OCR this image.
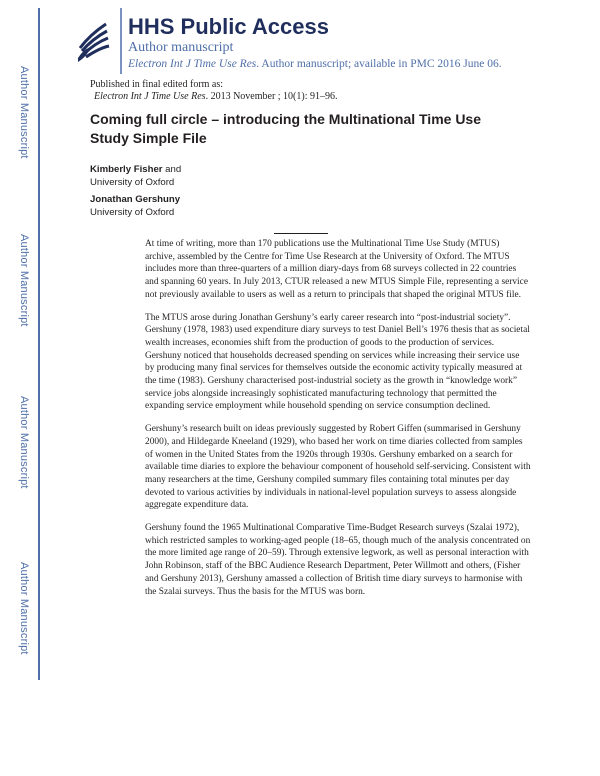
Author Manuscript
Author Manuscript
Author Manuscript
Author Manuscript
HHS Public Access
Author manuscript
Electron Int J Time Use Res. Author manuscript; available in PMC 2016 June 06.
Published in final edited form as:
Electron Int J Time Use Res. 2013 November ; 10(1): 91–96.
Coming full circle – introducing the Multinational Time Use Study Simple File
Kimberly Fisher and
University of Oxford
Jonathan Gershuny
University of Oxford

At time of writing, more than 170 publications use the Multinational Time Use Study (MTUS) archive, assembled by the Centre for Time Use Research at the University of Oxford. The MTUS includes more than three-quarters of a million diary-days from 68 surveys collected in 22 countries and spanning 60 years. In July 2013, CTUR released a new MTUS Simple File, representing a service not previously available to users as well as a return to principals that shaped the original MTUS file.

The MTUS arose during Jonathan Gershuny’s early career research into “post-industrial society”. Gershuny (1978, 1983) used expenditure diary surveys to test Daniel Bell’s 1976 thesis that as societal wealth increases, economies shift from the production of goods to the production of services. Gershuny noticed that households decreased spending on services while increasing their service use by producing many final services for themselves outside the economic activity typically measured at the time (1983). Gershuny characterised post-industrial society as the growth in “knowledge work” service jobs alongside increasingly sophisticated manufacturing technology that permitted the expanding service employment while household spending on service consumption declined.

Gershuny’s research built on ideas previously suggested by Robert Giffen (summarised in Gershuny 2000), and Hildegarde Kneeland (1929), who based her work on time diaries collected from samples of women in the United States from the 1920s through 1930s. Gershuny embarked on a search for available time diaries to explore the behaviour component of household self-servicing. Consistent with many researchers at the time, Gershuny compiled summary files containing total minutes per day devoted to various activities by individuals in national-level population surveys to assess alongside aggregate expenditure data.

Gershuny found the 1965 Multinational Comparative Time-Budget Research surveys (Szalai 1972), which restricted samples to working-aged people (18–65, though much of the analysis concentrated on the more limited age range of 20–59). Through extensive legwork, as well as personal interaction with John Robinson, staff of the BBC Audience Research Department, Peter Willmott and others, (Fisher and Gershuny 2013), Gershuny amassed a collection of British time diary surveys to harmonise with the Szalai surveys. Thus the basis for the MTUS was born.
